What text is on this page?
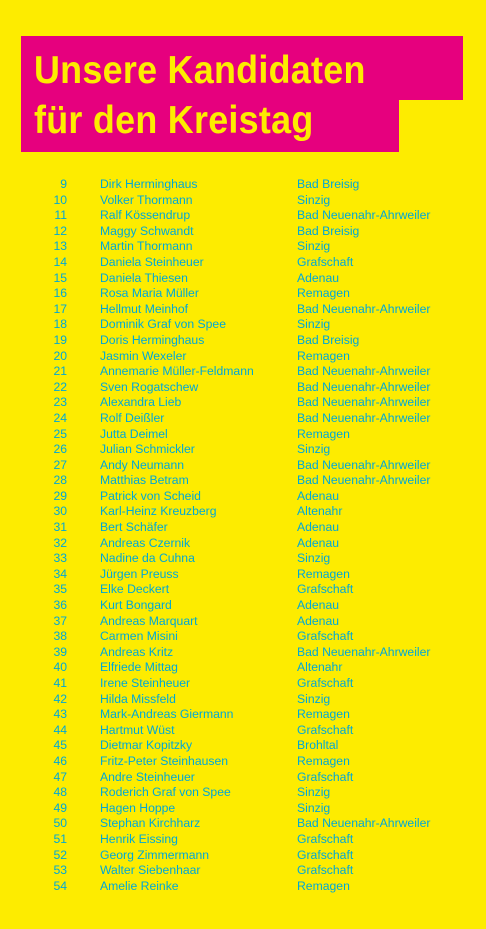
Unsere Kandidaten
für den Kreistag
9	Dirk Herminghaus	Bad Breisig
10	Volker Thormann	Sinzig
11	Ralf Kössendrup	Bad Neuenahr-Ahrweiler
12	Maggy Schwandt	Bad Breisig
13	Martin Thormann	Sinzig
14	Daniela Steinheuer	Grafschaft
15	Daniela Thiesen	Adenau
16	Rosa Maria Müller	Remagen
17	Hellmut Meinhof	Bad Neuenahr-Ahrweiler
18	Dominik Graf von Spee	Sinzig
19	Doris Herminghaus	Bad Breisig
20	Jasmin Wexeler	Remagen
21	Annemarie Müller-Feldmann	Bad Neuenahr-Ahrweiler
22	Sven Rogatschew	Bad Neuenahr-Ahrweiler
23	Alexandra Lieb	Bad Neuenahr-Ahrweiler
24	Rolf Deißler	Bad Neuenahr-Ahrweiler
25	Jutta Deimel	Remagen
26	Julian Schmickler	Sinzig
27	Andy Neumann	Bad Neuenahr-Ahrweiler
28	Matthias Betram	Bad Neuenahr-Ahrweiler
29	Patrick von Scheid	Adenau
30	Karl-Heinz Kreuzberg	Altenahr
31	Bert Schäfer	Adenau
32	Andreas Czernik	Adenau
33	Nadine da Cuhna	Sinzig
34	Jürgen Preuss	Remagen
35	Elke Deckert	Grafschaft
36	Kurt Bongard	Adenau
37	Andreas Marquart	Adenau
38	Carmen Misini	Grafschaft
39	Andreas Kritz	Bad Neuenahr-Ahrweiler
40	Elfriede Mittag	Altenahr
41	Irene Steinheuer	Grafschaft
42	Hilda Missfeld	Sinzig
43	Mark-Andreas Giermann	Remagen
44	Hartmut Wüst	Grafschaft
45	Dietmar Kopitzky	Brohltal
46	Fritz-Peter Steinhausen	Remagen
47	Andre Steinheuer	Grafschaft
48	Roderich Graf von Spee	Sinzig
49	Hagen Hoppe	Sinzig
50	Stephan Kirchharz	Bad Neuenahr-Ahrweiler
51	Henrik Eissing	Grafschaft
52	Georg Zimmermann	Grafschaft
53	Walter Siebenhaar	Grafschaft
54	Amelie Reinke	Remagen
